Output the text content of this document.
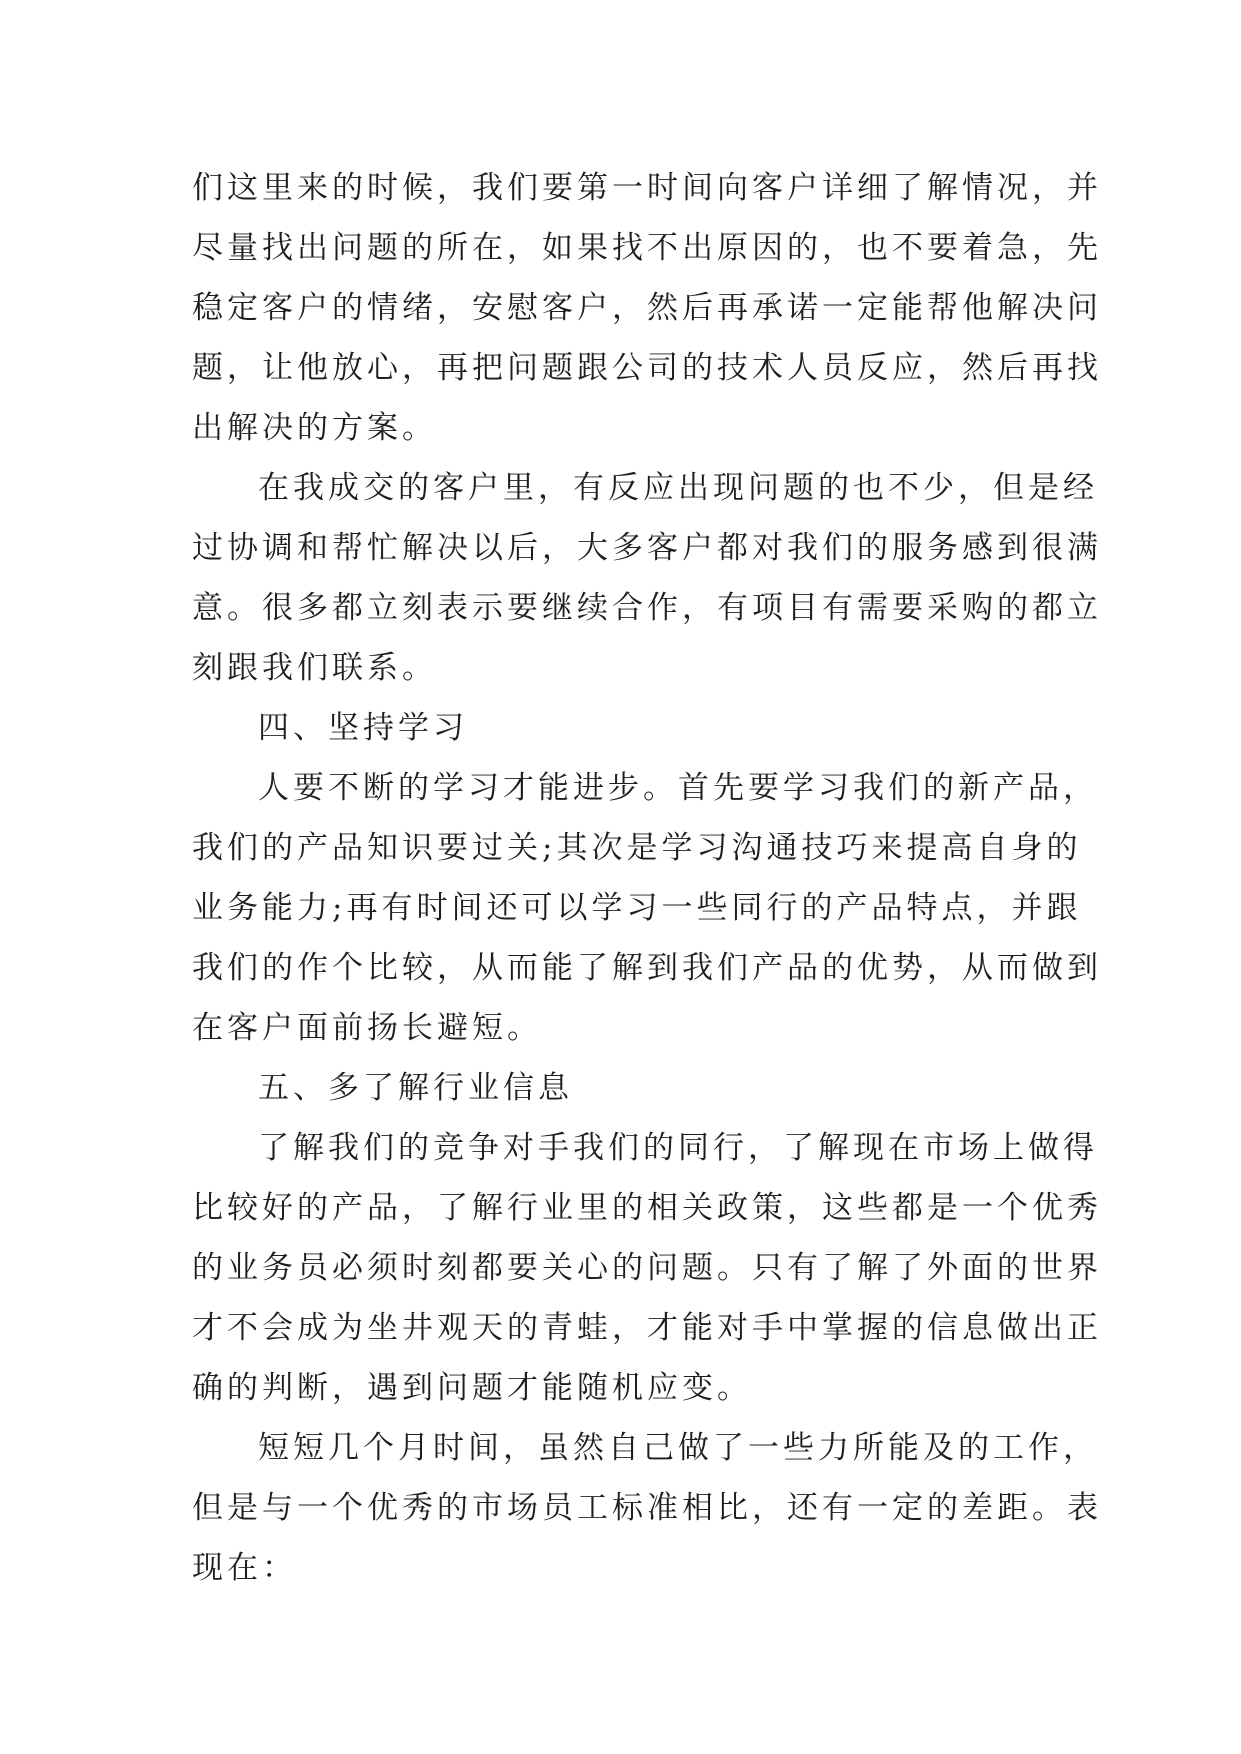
们这里来的时候，我们要第一时间向客户详细了解情况，并

尽量找出问题的所在，如果找不出原因的，也不要着急，先

稳定客户的情绪，安慰客户，然后再承诺一定能帮他解决问

题，让他放心，再把问题跟公司的技术人员反应，然后再找

出解决的方案。

在我成交的客户里，有反应出现问题的也不少，但是经

过协调和帮忙解决以后，大多客户都对我们的服务感到很满

意。很多都立刻表示要继续合作，有项目有需要采购的都立

刻跟我们联系。

四、坚持学习

人要不断的学习才能进步。首先要学习我们的新产品，

我们的产品知识要过关;其次是学习沟通技巧来提高自身的

业务能力;再有时间还可以学习一些同行的产品特点，并跟

我们的作个比较，从而能了解到我们产品的优势，从而做到

在客户面前扬长避短。

五、多了解行业信息

了解我们的竞争对手我们的同行，了解现在市场上做得

比较好的产品，了解行业里的相关政策，这些都是一个优秀

的业务员必须时刻都要关心的问题。只有了解了外面的世界

才不会成为坐井观天的青蛙，才能对手中掌握的信息做出正

确的判断，遇到问题才能随机应变。

短短几个月时间，虽然自己做了一些力所能及的工作，

但是与一个优秀的市场员工标准相比，还有一定的差距。表

现在：
